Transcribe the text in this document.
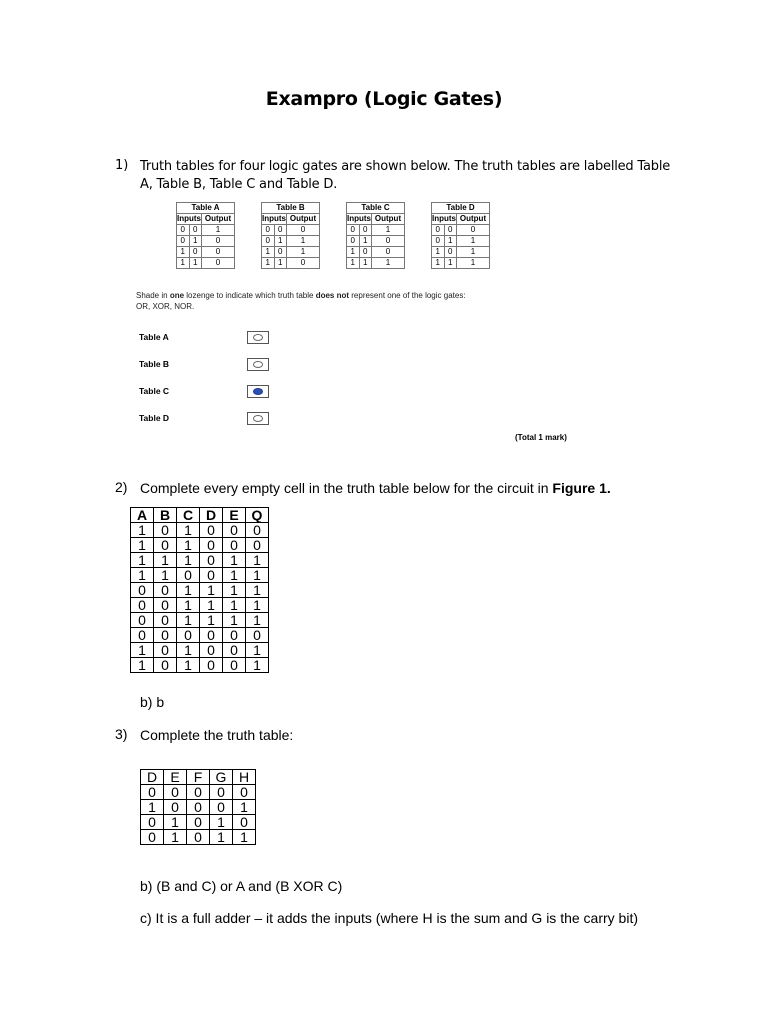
Exampro (Logic Gates)
1) Truth tables for four logic gates are shown below. The truth tables are labelled Table A, Table B, Table C and Table D.
Table A		
Inputs		Output
0	0	1
0	1	0
1	0	0
1	1	0
Table B		
Inputs		Output
0	0	0
0	1	1
1	0	1
1	1	0
Table C		
Inputs		Output
0	0	1
0	1	0
1	0	0
1	1	1
Table D		
Inputs		Output
0	0	0
0	1	1
1	0	1
1	1	1
Shade in one lozenge to indicate which truth table does not represent one of the logic gates:
OR, XOR, NOR.
Table A
Table B
Table C
Table D
(Total 1 mark)
2) Complete every empty cell in the truth table below for the circuit in Figure 1.
A	B	C	D	E	Q
1	0	1	0	0	0
1	0	1	0	0	0
1	1	1	0	1	1
1	1	0	0	1	1
0	0	1	1	1	1
0	0	1	1	1	1
0	0	1	1	1	1
0	0	0	0	0	0
1	0	1	0	0	1
1	0	1	0	0	1
b) b
3) Complete the truth table:
D	E	F	G	H
0	0	0	0	0
1	0	0	0	1
0	1	0	1	0
0	1	0	1	1
b) (B and C) or A and (B XOR C)
c) It is a full adder – it adds the inputs (where H is the sum and G is the carry bit)
